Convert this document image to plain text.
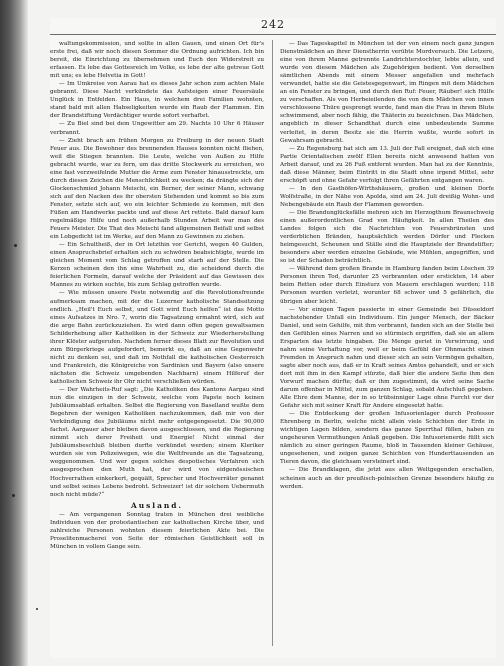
242

waltungskommission, und sollte in allen Gauen, und einen Ort für's erste frei, daß wir noch diesen Sommer die Ordnung aufrichten. Ich bin bereit, die Einrichtung zu übernehmen und Euch den Widerstreit zu erfassen. Es lebe das Gottesreich im Volke, es lebe der alte getreue Gott mit uns; es lebe Helvetia in Gott!

— Im Umkreise von Aarau hat es dieses Jahr schon zum achten Male gebrannt. Diese Nacht verkündete das Aufsteigen einer Feuersäule Unglück in Entfelden. Ein Haus, in welchem drei Familien wohnten, stand bald mit allen Habseligkeiten wurde ein Raub der Flammen. Ein der Brandstiftung Verdächtiger wurde sofort verhaftet.

— Zu Biel sind bei dem Ungewitter am 29. Nachts 10 Uhr 6 Häuser verbrannt.

— Zieht brach am frühen Morgen zu Freiburg in der neuen Stadt Feuer aus. Die Bewohner des brennenden Hauses konnten nicht fliehen, weil die Stiegen brannten. Die Leute, welche von Außen zu Hilfe gebracht wurde, war zu fern, um das dritte Stockwerk zu erreichen, wo eine fast verzweifelnde Mutter die Arme zum Fenster hinausstreckte, um durch diesen Zeichen die Menschlichkeit zu wecken; da drängte sich der Glockenschmied Johann Meischi, ein Berner, der seiner Mann, schwang sich auf den Nacken des ihr obersten Stehenden und kommt so bis zum Fenster, setzte sich auf, wo ein leichter Schmiede zu kommen, mit den Füßen am Handwerke packte und auf diese Art rettete. Bald darauf kam regelmäßige Hilfe und noch außerhalb Stunden Arbeit war man des Feuers Meister. Die That des Meischi fand allgemeinen Beifall und selbst ein Lobgedicht ist im Werke, auf den Mann zu Gewinnen zu ziehen.

— Ein Schultheiß, der in Ort letzthin vor Gericht, wegen 40 Gulden, einen Anspruchsbrief erhalten sich zu schwören beabsichtigte, wurde im gleichen Moment vom Schlag getroffen und starb auf der Stelle. Die Kerzen scheinen den ihn eine Wahrheit zu, die scheidend durch die feierlichen Formeln, darauf welche der Präsident auf das Gewissen des Mannes zu wirken suchte, bis zum Schlag getroffen wurde.

— Wie müssen unsere Feste notwendig auf die Revolutionsfreunde aufmerksam machen, mit der die Luzerner katholische Standssitzung endlich. „Heil't Euch selbst, und Gott wird Euch helfen“ ist das Motto eines Aufsatzes in Nro. 7, worin die Tagsatzung ermahnt wird, sich auf die arge Bahn zurückzuziehen. Es wird dann offen gegen gewaltsamen Schilderhebung aller Katholiken in der Schweiz zur Wiederherstellung ihrer Klöster aufgerufen. Nachdem ferner dieses Blatt zur Revolution und zum Bürgerkriege aufgefordert, bemerkt es, daß an eine Gegenwehr nicht zu denken sei, und daß im Nothfall die katholischen Oesterreich und Frankreich, die Königreiche von Sardinien und Bayern (also unsere nächsten die Schweiz umgebenden Nachbarn) einem Hilferuf der katholischen Schweiz ihr Ohr nicht verschließen würden.

— Der Wahrheits-Ruf sagt: „Die Katholiken des Kantons Aargau sind nun die einzigen in der Schweiz, welche vom Papste noch keinen Jubiläumsablaß erhalten. Selbst die Regierung von Baselland wußte dem Begehren der wenigen Katholiken nachzukommen, daß mir von der Verkündigung des Jubiläums nicht mehr entgegengesetzt. Die 90,000 fachst. Aargauer aber bleiben davon ausgeschlossen, und die Regierung nimmt sich derer Freiheit und Energie! Nicht einmal der Jubiläumsbeschluß bleiben durfte verkündet werden; einem Kleriker wurden sie von Polizeiwegen, wie die Weltfreunde an die Tagsatzung, weggenommen. Und wer gegen solches despotisches Verfahren sich ausgesprochen den Muth hat, der wird von eidgenössischen Hochverrathen einkerkert, gequält, Sprecher und Hochverräter genannt und selbst seines Lebens bedroht. Schweizer! ist dir solchem Uebermuth noch nicht müde?“

Ausland.

— Am vergangenen Sonntag traten in München drei weibliche Individuen von der protestantischen zur katholischen Kirche über, und zahlreiche Personen wohnten diesem feierlichen Akte bei. Die Proselitenmacherei von Seite der römischen Geistlichkeit soll in München in vollem Gange sein.

— Das Tageskapitel in München ist der von einem noch ganz jungen Dienstmädchen an ihrer Dienstherrin verübte Mordversuch. Die Letzere, eine von ihrem Manne getrennte Landrichterstochter, lebte allein, und wurde von diesem Mädchen als Zugehörigen bedient. Von derselben sämtlichen Abends mit einem Messer angefallen und mehrfach verwundet, hatte sie die Geistesgegenwart, im Ringen mit dem Mädchen an ein Fenster zu bringen, und durch den Ruf: Feuer, Räuber! sich Hülfe zu verschaffen. Als von Herbeieilenden die von dem Mädchen von innen verschlossene Thüre gesprengt wurde, fand man die Frau in ihrem Blute schwimmend, aber noch fähig, die Thäterin zu bezeichnen. Das Mädchen, angeblich in dieser Schandthat durch eine unbedeutende Summe verleitet, in deren Besitz sie die Herrin wußte, wurde sofort in Gewahrsam gebracht.

— Zu Regensburg hat sich am 13. Juli der Fall ereignet, daß sich eine Partie Orientalischen zwölf Ellen bereits nicht anwesend hatten von Arbeit darauf, und zu 26 Fuß entfernt wurden. Man hat zu der Kenntnis, daß diese Männer, beim Eintritt in die Stadt ohne irgend Mittel, sehr erschöpft und ohne Gefahr verfolgt ihren Gefährten entgangen waren.

— In den Gasthöfen-Wirthshäusern, großen und kleinen Dorfe Wolfstraße, in der Nähe von Apolda, sind am 24. Juli dreißig Wohn- und Nebengebäude ein Raub der Flammen geworden.

— Die Brandunglücksfälle mehren sich im Herzogthum Braunschweig einen außerordentlichen Grad von Häufigkeit. In allen Theilen des Landes folgen sich die Nachrichten von Feuersbrünsten und verderblichen Bränden, hauptsächlich werden Dörfer und Flecken heimgesucht, Scheunen und Ställe sind die Hauptziele der Brandstifter; besonders aber werden einzelne Gebäude, wie Mühlen, angegriffen, und so ist der Schaden beträchtlich.

— Während dem großen Brande in Hamburg fanden beim Löschen 39 Personen ihren Tod, darunter 25 verbrannten oder erstickten, 14 aber beim Retten oder durch Einsturz von Mauern erschlagen wurden; 118 Personen wurden verletzt, worunter 68 schwer und 5 gefährlich, die übrigen aber leicht.

— Vor einigen Tagen passierte in einer Gemeinde bei Düsseldorf nachstehender Unfall ein Individuum. Ein junger Mensch, der Bäcker Daniel, und sein Gehilfe, mit ihm verbrannt, fanden sich an der Stelle bei den Gefühlen eines Narren und so stürmisch ergriffen, daß sie an allem Ersparten das letzte hingaben. Die Menge geriet in Verwirrung, und nahm seine Verhaftung vor, weil er beim Gefühl der Ohnmacht einen Fremden in Anspruch nahm und dieser sich an sein Vermögen gehalten, sagte aber noch aus, daß er in Kraft seines Amtes gehandelt, und er sich dort mit ihm in den Kampf stürzte, daß hier die andere Seite ihm den Vorwurf machen dürfte; daß er ihm zugestimmt, da wird seine Sache darum offenbar in Mittel, zum ganzen Schlag, sobald Aufschluß gegeben. Alle Ehre dem Manne, der in so trübsinniger Lage ohne Furcht vor der Gefahr sich mit seiner Kraft für Andere eingesetzt hatte.

— Die Entdeckung der großen Infusorienlager durch Professor Ehrenberg in Berlin, welche nicht allein viele Schichten der Erde in wichtigen Lagen bilden, sondern das ganze Sperrthal füllen, haben zu ungeheuren Vermuthungen Anlaß gegeben. Die Infusorienerde füllt sich nämlich zu einer geringen Raume, bloß in Tausenden kleiner Gehäuse, ungesehenen, und zeigen ganze Schichten von Hunderttausenden an Tieren davon, die gleichsam versteinert sind.

— Die Brandklagen, die jetzt aus allen Weltgegenden erschallen, scheinen auch an der preußisch-polnischen Grenze besonders häufig zu werden.
